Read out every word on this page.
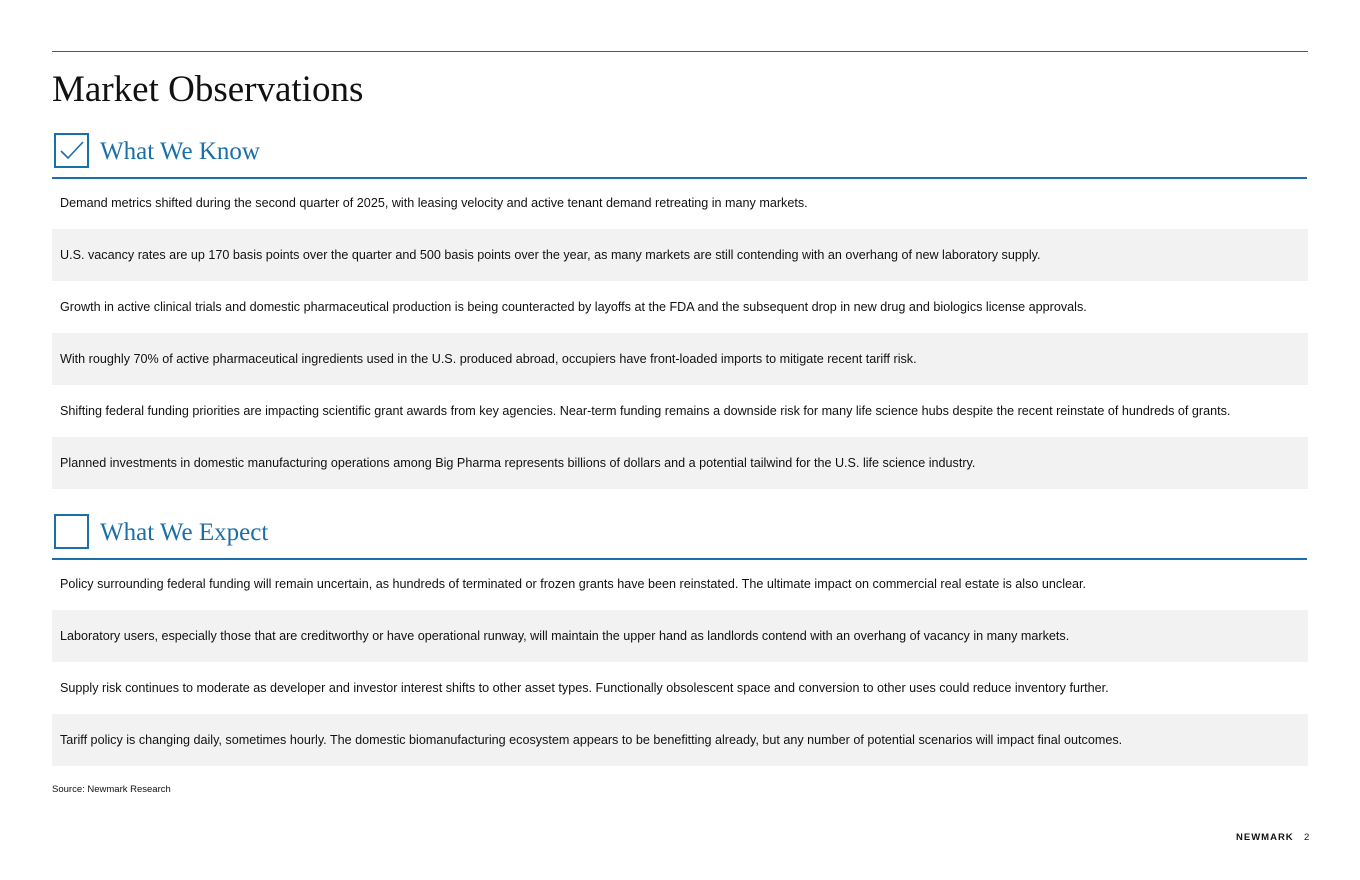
Market Observations
What We Know
Demand metrics shifted during the second quarter of 2025, with leasing velocity and active tenant demand retreating in many markets.
U.S. vacancy rates are up 170 basis points over the quarter and 500 basis points over the year, as many markets are still contending with an overhang of new laboratory supply.
Growth in active clinical trials and domestic pharmaceutical production is being counteracted by layoffs at the FDA and the subsequent drop in new drug and biologics license approvals.
With roughly 70% of active pharmaceutical ingredients used in the U.S. produced abroad, occupiers have front-loaded imports to mitigate recent tariff risk.
Shifting federal funding priorities are impacting scientific grant awards from key agencies. Near-term funding remains a downside risk for many life science hubs despite the recent reinstate of hundreds of grants.
Planned investments in domestic manufacturing operations among Big Pharma represents billions of dollars and a potential tailwind for the U.S. life science industry.
What We Expect
Policy surrounding federal funding will remain uncertain, as hundreds of terminated or frozen grants have been reinstated. The ultimate impact on commercial real estate is also unclear.
Laboratory users, especially those that are creditworthy or have operational runway, will maintain the upper hand as landlords contend with an overhang of vacancy in many markets.
Supply risk continues to moderate as developer and investor interest shifts to other asset types. Functionally obsolescent space and conversion to other uses could reduce inventory further.
Tariff policy is changing daily, sometimes hourly. The domestic biomanufacturing ecosystem appears to be benefitting already, but any number of potential scenarios will impact final outcomes.
Source: Newmark Research
NEWMARK 2
